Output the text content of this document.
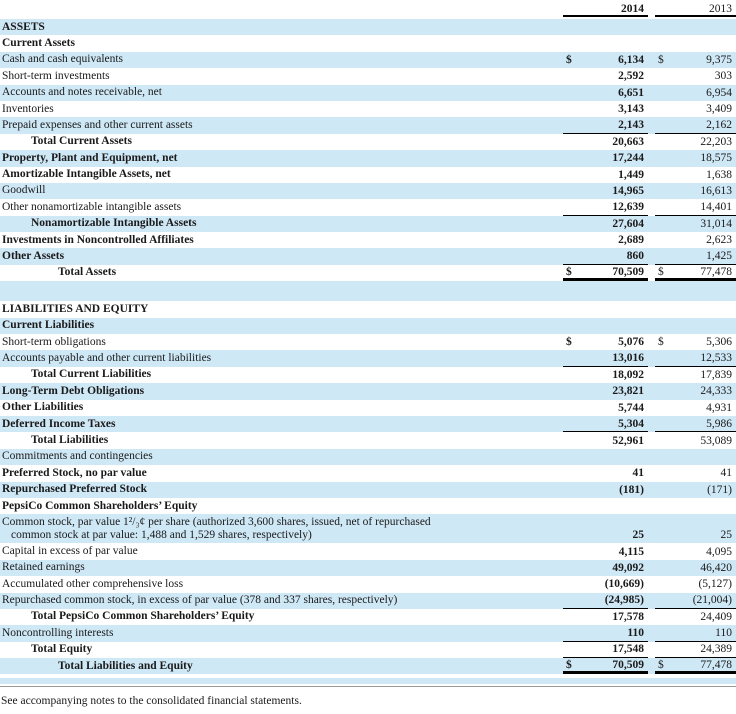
2014	2013
ASSETS
Current Assets
Cash and cash equivalents	$	6,134	$	9,375
Short-term investments	2,592	303
Accounts and notes receivable, net	6,651	6,954
Inventories	3,143	3,409
Prepaid expenses and other current assets	2,143	2,162
Total Current Assets	20,663	22,203
Property, Plant and Equipment, net	17,244	18,575
Amortizable Intangible Assets, net	1,449	1,638
Goodwill	14,965	16,613
Other nonamortizable intangible assets	12,639	14,401
Nonamortizable Intangible Assets	27,604	31,014
Investments in Noncontrolled Affiliates	2,689	2,623
Other Assets	860	1,425
Total Assets	$	70,509	$	77,478
LIABILITIES AND EQUITY
Current Liabilities
Short-term obligations	$	5,076	$	5,306
Accounts payable and other current liabilities	13,016	12,533
Total Current Liabilities	18,092	17,839
Long-Term Debt Obligations	23,821	24,333
Other Liabilities	5,744	4,931
Deferred Income Taxes	5,304	5,986
Total Liabilities	52,961	53,089
Commitments and contingencies
Preferred Stock, no par value	41	41
Repurchased Preferred Stock	(181)	(171)
PepsiCo Common Shareholders’ Equity
Common stock, par value 1²/₃¢ per share (authorized 3,600 shares, issued, net of repurchased
common stock at par value: 1,488 and 1,529 shares, respectively)	25	25
Capital in excess of par value	4,115	4,095
Retained earnings	49,092	46,420
Accumulated other comprehensive loss	(10,669)	(5,127)
Repurchased common stock, in excess of par value (378 and 337 shares, respectively)	(24,985)	(21,004)
Total PepsiCo Common Shareholders’ Equity	17,578	24,409
Noncontrolling interests	110	110
Total Equity	17,548	24,389
Total Liabilities and Equity	$	70,509	$	77,478
See accompanying notes to the consolidated financial statements.
